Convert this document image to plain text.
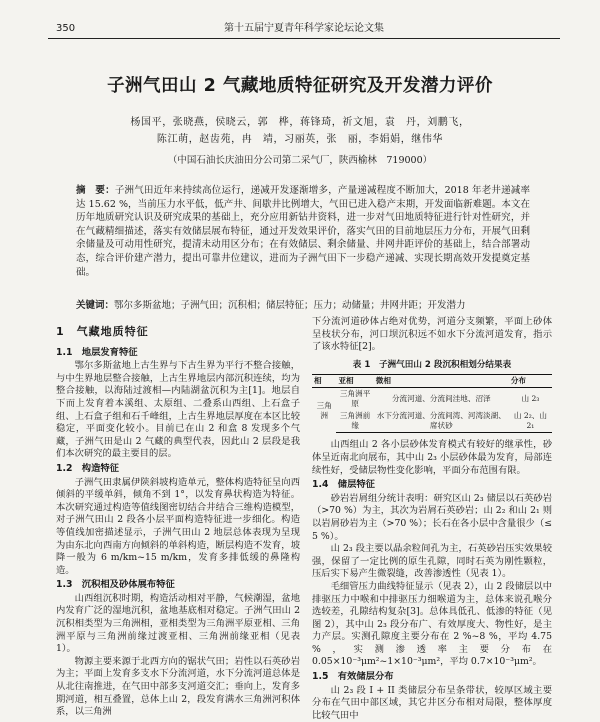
350	第十五届宁夏青年科学家论坛论文集
子洲气田山 2 气藏地质特征研究及开发潜力评价
杨国平，张晓燕，侯晓云，郭　桦，蒋锋琦，祈文旭，袁　丹，刘鹏飞，
陈江萌，赵齿苑，冉　靖，习丽英，张　丽，李娟娟，继伟华
（中国石油长庆油田分公司第二采气厂，陕西榆林　719000）
摘　要：子洲气田近年来持续高位运行，递减开发逐渐增多，产量递减程度不断加大，2018 年老井递减率达 15.62 %，当前压力水平低，低产井、间歇井比例增大，气田已进入稳产末期，开发面临新难题。本文在历年地质研究认识及研究成果的基础上，充分应用新钻井资料，进一步对气田地质特征进行针对性研究，并在气藏精细描述，落实有效储层展布特征，通过开发效果评价，落实气田的目前地层压力分布，开展气田剩余储量及可动用性研究，提清未动用区分布；在有效储层、剩余储量、井网井距评价的基础上，结合部署动态，综合评价建产潜力，提出可靠井位建议，进而为子洲气田下一步稳产递减、实现长期高效开发提奠定基础。
关键词：鄂尔多斯盆地；子洲气田；沉积相；储层特征；压力；动储量；井网井距；开发潜力
1　气藏地质特征
1.1　地层发育特征

鄂尔多斯盆地上古生界与下古生界为平行不整合接触，与中生界地层整合接触，上古生界地层内部沉积连续，均为整合接触，以海陆过渡相—内陆湖盆沉积为主[1]。地层自下而上发育着本溪组、太原组、二叠系山西组、上石盒子组、上石盒子组和石千峰组，上古生界地层厚度在本区比较稳定，平面变化较小。目前已在山 2 和盒 8 发现多个气藏，子洲气田是山 2 气藏的典型代表，因此山 2 层段是我们本次研究的最主要目的层。

1.2　构造特征

子洲气田隶属伊陕斜坡构造单元，整体构造特征呈向西倾斜的平缓单斜，倾角不到 1°，以发育鼻状构造为特征。本次研究通过构造等值线图密切结合井结合三维构造模型，对子洲气田山 2 段各小层平面构造特征进一步细化。构造等值线加密描述显示，子洲气田山 2 地层总体表现为呈现为由东北向西南方向倾斜的单斜构造，断层构造不发育，坡降一般为 6 m/km~15 m/km，发育多排低缓的鼻隆构造。

1.3　沉积相及砂体展布特征

山西组沉积时期，构造活动相对平静，气候潮湿，盆地内发育广泛的湿地沉积，盆地基底相对稳定。子洲气田山 2 沉积相类型为三角洲相，亚相类型为三角洲平原亚相、三角洲平原与三角洲前缘过渡亚相、三角洲前缘亚相（见表 1）。

物源主要来源于北西方向的锯状气田；岩性以石英砂岩为主；平面上发育多支水下分流河道，水下分流河道总体是从北往南推进，在气田中部多支河道交汇；垂向上，发育多期河道，相互叠置，总体上山 2，段发育满水三角洲河积体系，以三角洲

下分流河道砂体占绝对优势，河道分支频繁，平面上砂体呈枝状分布，河口坝沉积远不如水下分流河道发育，指示了该水特征[2]。

表 1　子洲气田山 2 段沉积相划分结果表
相	亚相	微相	分布
三角洲	三角洲平原	分流河道、分流间洼地、沼泽	山 2₃
	三角洲前缘	水下分流河道、分流间湾、河湾淡湖、席状砂	山 2₂、山 2₁

山西组山 2 各小层砂体发育模式有较好的继承性，砂体呈近南北向展布，其中山 2₃ 小层砂体最为发育，局部连续性好，受储层物性变化影响，平面分布范围有限。

1.4　储层特征

砂岩岩屑组分统计表明：研究区山 2₃ 储层以石英砂岩（>70 %）为主，其次为岩屑石英砂岩；山 2₂ 和山 2₁ 则以岩屑砂岩为主（>70 %）；长石在各小层中含量很少（≤ 5 %）。

山 2₃ 段主要以晶余粒间孔为主，石英砂岩压实效果较强，保留了一定比例的原生孔隙，同时石英为刚性颗粒，压后实下易产生微裂缝，改善渗透性（见表 1）。

毛细管压力曲线特征显示（见表 2），山 2 段储层以中排驱压力中喉和中排驱压力细喉道为主，总体来说孔喉分选较差，孔隙结构复杂[3]。总体具低孔、低渗的特征（见图 2），其中山 2₃ 段分布广、有效厚度大、物性好，是主力产层。实测孔隙度主要分布在 2 %~8 %，平均 4.75 %，实测渗透率主要分布在 0.05×10⁻³μm²~1×10⁻³μm²，平均 0.7×10⁻³μm²。

1.5　有效储层分布

山 2₃ 段 I + II 类储层分布呈条带状，较厚区域主要分布在气田中部区域，其它井区分布相对局限，整体厚度比较气田中
